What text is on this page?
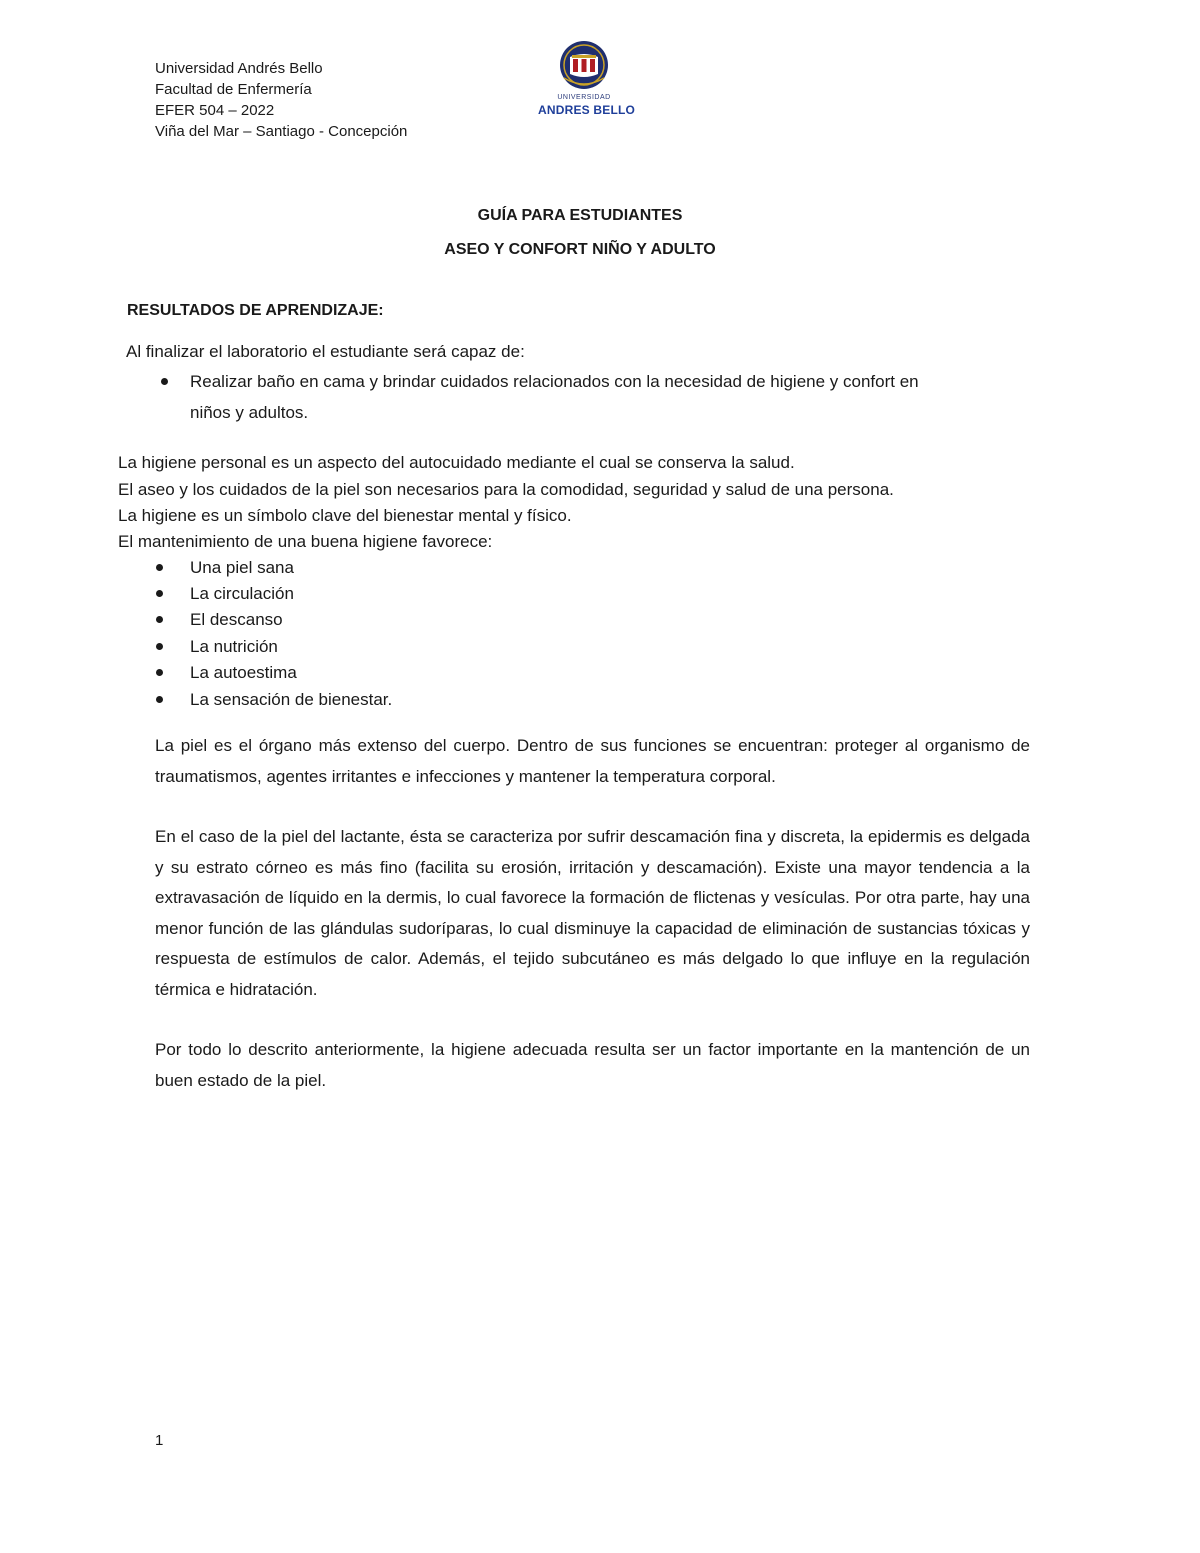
Universidad Andrés Bello
Facultad de Enfermería
EFER 504 – 2022
Viña del Mar – Santiago - Concepción
UNIVERSIDAD
ANDRES BELLO
GUÍA PARA ESTUDIANTES
ASEO Y CONFORT NIÑO Y ADULTO
RESULTADOS DE APRENDIZAJE:
Al finalizar el laboratorio el estudiante será capaz de:
Realizar baño en cama y brindar cuidados relacionados con la necesidad de higiene y confort en
niños y adultos.
La higiene personal es un aspecto del autocuidado mediante el cual se conserva la salud.
El aseo y los cuidados de la piel son necesarios para la comodidad, seguridad y salud de una persona.
La higiene es un símbolo clave del bienestar mental y físico.
El mantenimiento de una buena higiene favorece:
Una piel sana
La circulación
El descanso
La nutrición
La autoestima
La sensación de bienestar.
La piel es el órgano más extenso del cuerpo. Dentro de sus funciones se encuentran: proteger al organismo de traumatismos, agentes irritantes e infecciones y mantener la temperatura corporal.
En el caso de la piel del lactante, ésta se caracteriza por sufrir descamación fina y discreta, la epidermis es delgada y su estrato córneo es más fino (facilita su erosión, irritación y descamación). Existe una mayor tendencia a la extravasación de líquido en la dermis, lo cual favorece la formación de flictenas y vesículas. Por otra parte, hay una menor función de las glándulas sudoríparas, lo cual disminuye la capacidad de eliminación de sustancias tóxicas y respuesta de estímulos de calor. Además, el tejido subcutáneo es más delgado lo que influye en la regulación térmica e hidratación.
Por todo lo descrito anteriormente, la higiene adecuada resulta ser un factor importante en la mantención de un buen estado de la piel.
1
